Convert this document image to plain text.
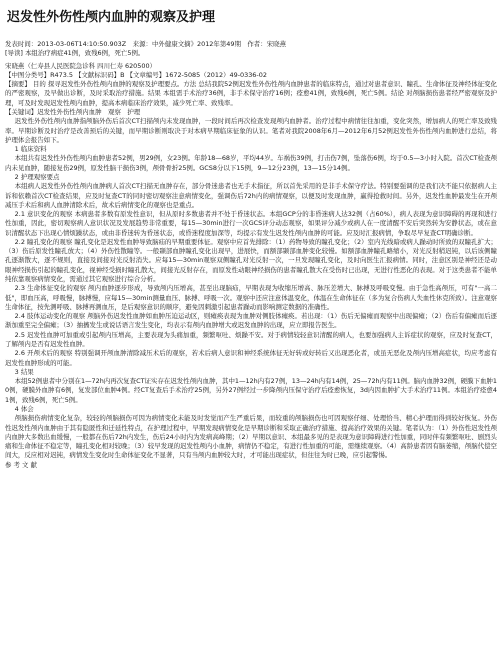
迟发性外伤性颅内血肿的观察及护理

发表时间：2013-03-06T14:10:50.903Z　来源：中外健康文摘》2012年第49期　作者：宋晓燕

[导读] 本组治疗病症41例，致残6例，死亡5例。

宋晓燕（仁寿县人民医院急诊科 四川仁寿 620500）

【中图分类号】R473.5 【文献标识码】B 【文章编号】1672-5085（2012）49-0336-02

【摘要】 目的 探寻迟发性外伤性颅内血肿的观察及护理要点。方法 总结我院52例迟发性外伤性颅内血肿患者的临床特点，通过对患者意识、瞳孔、生命体征及神经体征变化的严密观察，及早做出诊断，及时采取治疗措施。结果 本组需手术治疗36例，非手术保守治疗16例；痊愈41例，致残6例，死亡5例。结论 对颅脑损伤患者经严密观察及护理，可及时发现迟发性颅内血肿，提高本病临床治疗效果，减少死亡率、致残率。

【关键词】迟发性外伤性颅内血肿　观察　护理

迟发性外伤性颅内血肿指颅脑外伤后首次CT扫描颅内未发现血肿，一段时间后再次检查发现颅内血肿者。治疗过程中病情往往加重，变化突然，增加病人的死亡率及致残率。早期诊断及时治疗是改善预后的关键，而早期诊断则取决于对本病早期临床征象的认识。笔者对我院2008年6月—2012年6月52例迟发性外伤性颅内血肿进行总结，将护理体会报告如下。

1 临床资料

本组共有迟发性外伤性颅内血肿患者52例，男29例，女23例。年龄18—68岁，平均44岁。车祸伤39例，打击伤7例，坠落伤6例，均于0.5—3小时入院。首次CT检查颅内未见血肿，随接复伤29例，原发性脑干损伤3例，颅骨骨折25例。GCS8分以下15例，9—12分23例，13—15分14例。

2 护理观察要点

本组病人迟发性外伤性颅内血肿病人首次CT扫描无血肿存在，部分骨迷患者也无手术指征，所以首先采用的是非手术保守疗法。特别要强调的是我们决不能只依据病人主诉和依赖首次CT检查结果，应及时复查CT的同时密切观察注意病情变化，强调伤后72h内的病情观察，以便及时发现血肿，赢得抢救时间。另外，迟发性血肿最发生在开颅减压手术后和病人血肿清除术后，故术后病情变化的观察也是重点。

2.1 意识变化的观察 本病患者多数有原发性意识，但从原时多数患者并不处于昏迷状态。本组GCP分的非昏迷病人达32例（占60%），病人表现为意识障碍的再现和进行性加重，因此，密切观察病人意识状况及发展趋势非常重要，每15—30min进行一次GCS评分动态观察，如果评分减少或病人在一度清醒不安后突然转为安静状态，或在意识清醒状态下出现心情烦躁状态，或由非昏迷转为昏迷状态，或昏迷程度加深等，均提示有发生迟发性颅内血肿的可能。应及时汇报病情，争取尽早复查CT明确诊断。

2.2 瞳孔变化的观察 瞳孔变化是迟发性血肿导致脑疝的早期重要体征。观察中应首先排除：（1）药物导致的瞳孔变化；（2）室内光线暗或病人躁动时所致的双瞳孔扩大；（3）伤后原发性瞳孔放大；（4）外伤性散瞳等。一般颞部血肿瞳孔变化出现早，进展快，而额部颞部血肿变化较慢。如额部血肿瞳孔略缩小，对光反射稍迟钝，以后该侧瞳孔逐渐散大，逐不规则，直接及间接对光反射消失。应每15—30min观察双侧瞳孔对光反射一次，一旦发现瞳孔变化，及时向医生汇报病情。同时，注意区别是神经还是动眼神经损伤引起的瞳孔变化，视神经受损时瞳孔散大，间接光反射存在，而原发性动眼神经损伤的患者瞳孔散大在受伤时已出现，无进行性恶化的表现。对于这类患者不能单纯依靠观察病情变化，需通过其它观察进行综合分析。

2.3 生命体征变化的观察 颅内血肿逐步形成，导致颅内压增高，甚至出现脑疝，早期表现为收缩压增高、脉压差增大、脉搏及呼吸变慢。由于急性高颅压，可有"一高二低"，即血压高，呼吸慢，脉搏慢，应每15—30min测量血压、脉搏、呼吸一次。观察中还应注意体温变化，体温在生命体征在（多为复合伤病人失血性休克所致）。注意观察生命体征，按先测呼吸、脉搏再测血压，是后观察意识的顺序，避免因刺激引起患者躁动而影响测定数据的准确性。

2.4 肢体运动变化的观察 颅脑外伤迟发性血肿如血肿压迫运动区，则瘫痪表现为血肿对侧肢体瘫痪。若出现：（1）伤后无偏瘫而观察中出现偏瘫；（2）伤后有偏瘫而后逐渐加重至完全偏瘫；（3）抽搐发生或说话语言发生变化，均表示有颅内血肿增大或迟发血肿的出现，应立即报告医生。

2.5 迟发性血肿可加重或引起颅内压增高，主要表现为头痛加重，频繁呕吐、烦躁不安。对于病情较轻意识清醒的病人，也要加强病人主诉症状的观察，应及时复查CT，了解颅内是否有迟发性血肿。

2.6 开颅术后的观察 特别强调开颅血肿清除减压术后的观察，若术后病人意识和神经系统体征无好转或好转后又出现恶化者，或虽无恶化及颅内压增高症状，均应考虑有迟发性血肿形成的可能。

3 结果

本组52例患者中分别在1—72h内再次复查CT证实存在迟发性颅内血肿，其中1—12h内有27例，13—24h内有14例，25—72h内有11例。脑内血肿32例，硬膜下血肿10例，硬膜外血肿有6例，复发部位血肿4例。经CT复查后手术治疗25例，另外27例经过一步降颅内压保守治疗后痊愈恢复，3d内因血肿扩大手术治疗11例。本组治疗痊愈41例，致残6例，死亡5例。

4 体会

颅脑损伤病情变化复杂，较轻的颅脑损伤可因为病情变化未能及时发觉而产生严重后果，而较重的颅脑损伤也可因观察仔细、处理恰当、精心护理而得到较好恢复。外伤性迟发性颅内血肿由于其有隐匿性和迁延性特点，在护理过程中，早期发现病情变化是早期诊断和采取正确治疗措施、提高治疗效果的关键。笔者认为：（1）外伤性迟发性颅内血肿大多数出血缓慢，一般都在伤后72h内发生，伤后24小时内为发病高峰期；（2）早期以意识、本组最多见的是表现为意识障碍进行性加重，同时伴有频繁呕吐、剧烈头痛和生命体征不稳定等，瞳孔变化相对较晚；（3）较早发现的迟发性颅内小血肿，病情仍不稳定，有进行性加重的可能，需继续观察。（4）高龄患者因有脑萎缩，颅脑代偿空间大，反应相对迟钝，病情发生变化时生命体征变化不显著，只有当颅内血肿较大时，才可能出现症状，但往往为时已晚，应引起警惕。

参 考 文 献
